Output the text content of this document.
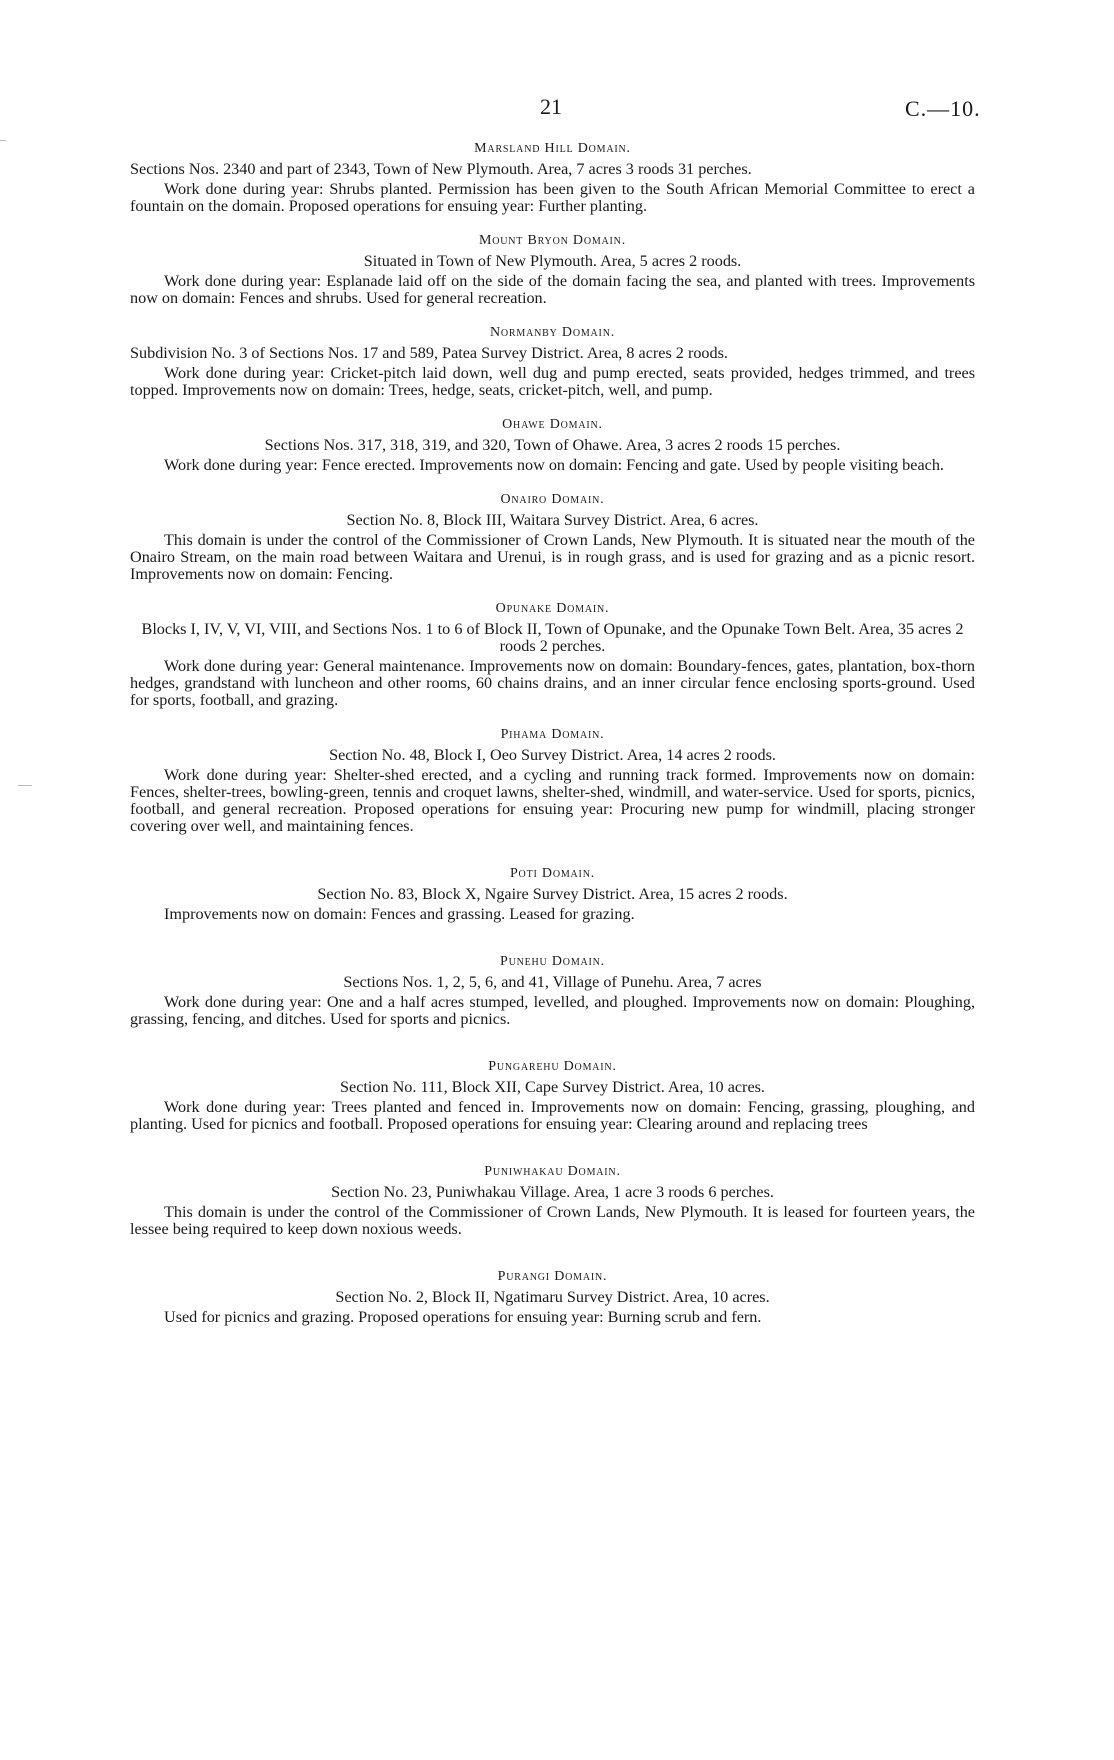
21	C.—10.
Marsland Hill Domain.

Sections Nos. 2340 and part of 2343, Town of New Plymouth. Area, 7 acres 3 roods 31 perches.

Work done during year: Shrubs planted. Permission has been given to the South African Memorial Committee to erect a fountain on the domain. Proposed operations for ensuing year: Further planting.

Mount Bryon Domain.

Situated in Town of New Plymouth. Area, 5 acres 2 roods.

Work done during year: Esplanade laid off on the side of the domain facing the sea, and planted with trees. Improvements now on domain: Fences and shrubs. Used for general recreation.

Normanby Domain.

Subdivision No. 3 of Sections Nos. 17 and 589, Patea Survey District. Area, 8 acres 2 roods.

Work done during year: Cricket-pitch laid down, well dug and pump erected, seats provided, hedges trimmed, and trees topped. Improvements now on domain: Trees, hedge, seats, cricket-pitch, well, and pump.

Ohawe Domain.

Sections Nos. 317, 318, 319, and 320, Town of Ohawe. Area, 3 acres 2 roods 15 perches.

Work done during year: Fence erected. Improvements now on domain: Fencing and gate. Used by people visiting beach.

Onairo Domain.

Section No. 8, Block III, Waitara Survey District. Area, 6 acres.

This domain is under the control of the Commissioner of Crown Lands, New Plymouth. It is situated near the mouth of the Onairo Stream, on the main road between Waitara and Urenui, is in rough grass, and is used for grazing and as a picnic resort. Improvements now on domain: Fencing.

Opunake Domain.

Blocks I, IV, V, VI, VIII, and Sections Nos. 1 to 6 of Block II, Town of Opunake, and the Opunake Town Belt. Area, 35 acres 2 roods 2 perches.

Work done during year: General maintenance. Improvements now on domain: Boundary-fences, gates, plantation, box-thorn hedges, grandstand with luncheon and other rooms, 60 chains drains, and an inner circular fence enclosing sports-ground. Used for sports, football, and grazing.

Pihama Domain.

Section No. 48, Block I, Oeo Survey District. Area, 14 acres 2 roods.

Work done during year: Shelter-shed erected, and a cycling and running track formed. Improvements now on domain: Fences, shelter-trees, bowling-green, tennis and croquet lawns, shelter-shed, windmill, and water-service. Used for sports, picnics, football, and general recreation. Proposed operations for ensuing year: Procuring new pump for windmill, placing stronger covering over well, and maintaining fences.

Poti Domain.

Section No. 83, Block X, Ngaire Survey District. Area, 15 acres 2 roods.

Improvements now on domain: Fences and grassing. Leased for grazing.

Punehu Domain.

Sections Nos. 1, 2, 5, 6, and 41, Village of Punehu. Area, 7 acres

Work done during year: One and a half acres stumped, levelled, and ploughed. Improvements now on domain: Ploughing, grassing, fencing, and ditches. Used for sports and picnics.

Pungarehu Domain.

Section No. 111, Block XII, Cape Survey District. Area, 10 acres.

Work done during year: Trees planted and fenced in. Improvements now on domain: Fencing, grassing, ploughing, and planting. Used for picnics and football. Proposed operations for ensuing year: Clearing around and replacing trees

Puniwhakau Domain.

Section No. 23, Puniwhakau Village. Area, 1 acre 3 roods 6 perches.

This domain is under the control of the Commissioner of Crown Lands, New Plymouth. It is leased for fourteen years, the lessee being required to keep down noxious weeds.

Purangi Domain.

Section No. 2, Block II, Ngatimaru Survey District. Area, 10 acres.

Used for picnics and grazing. Proposed operations for ensuing year: Burning scrub and fern.
